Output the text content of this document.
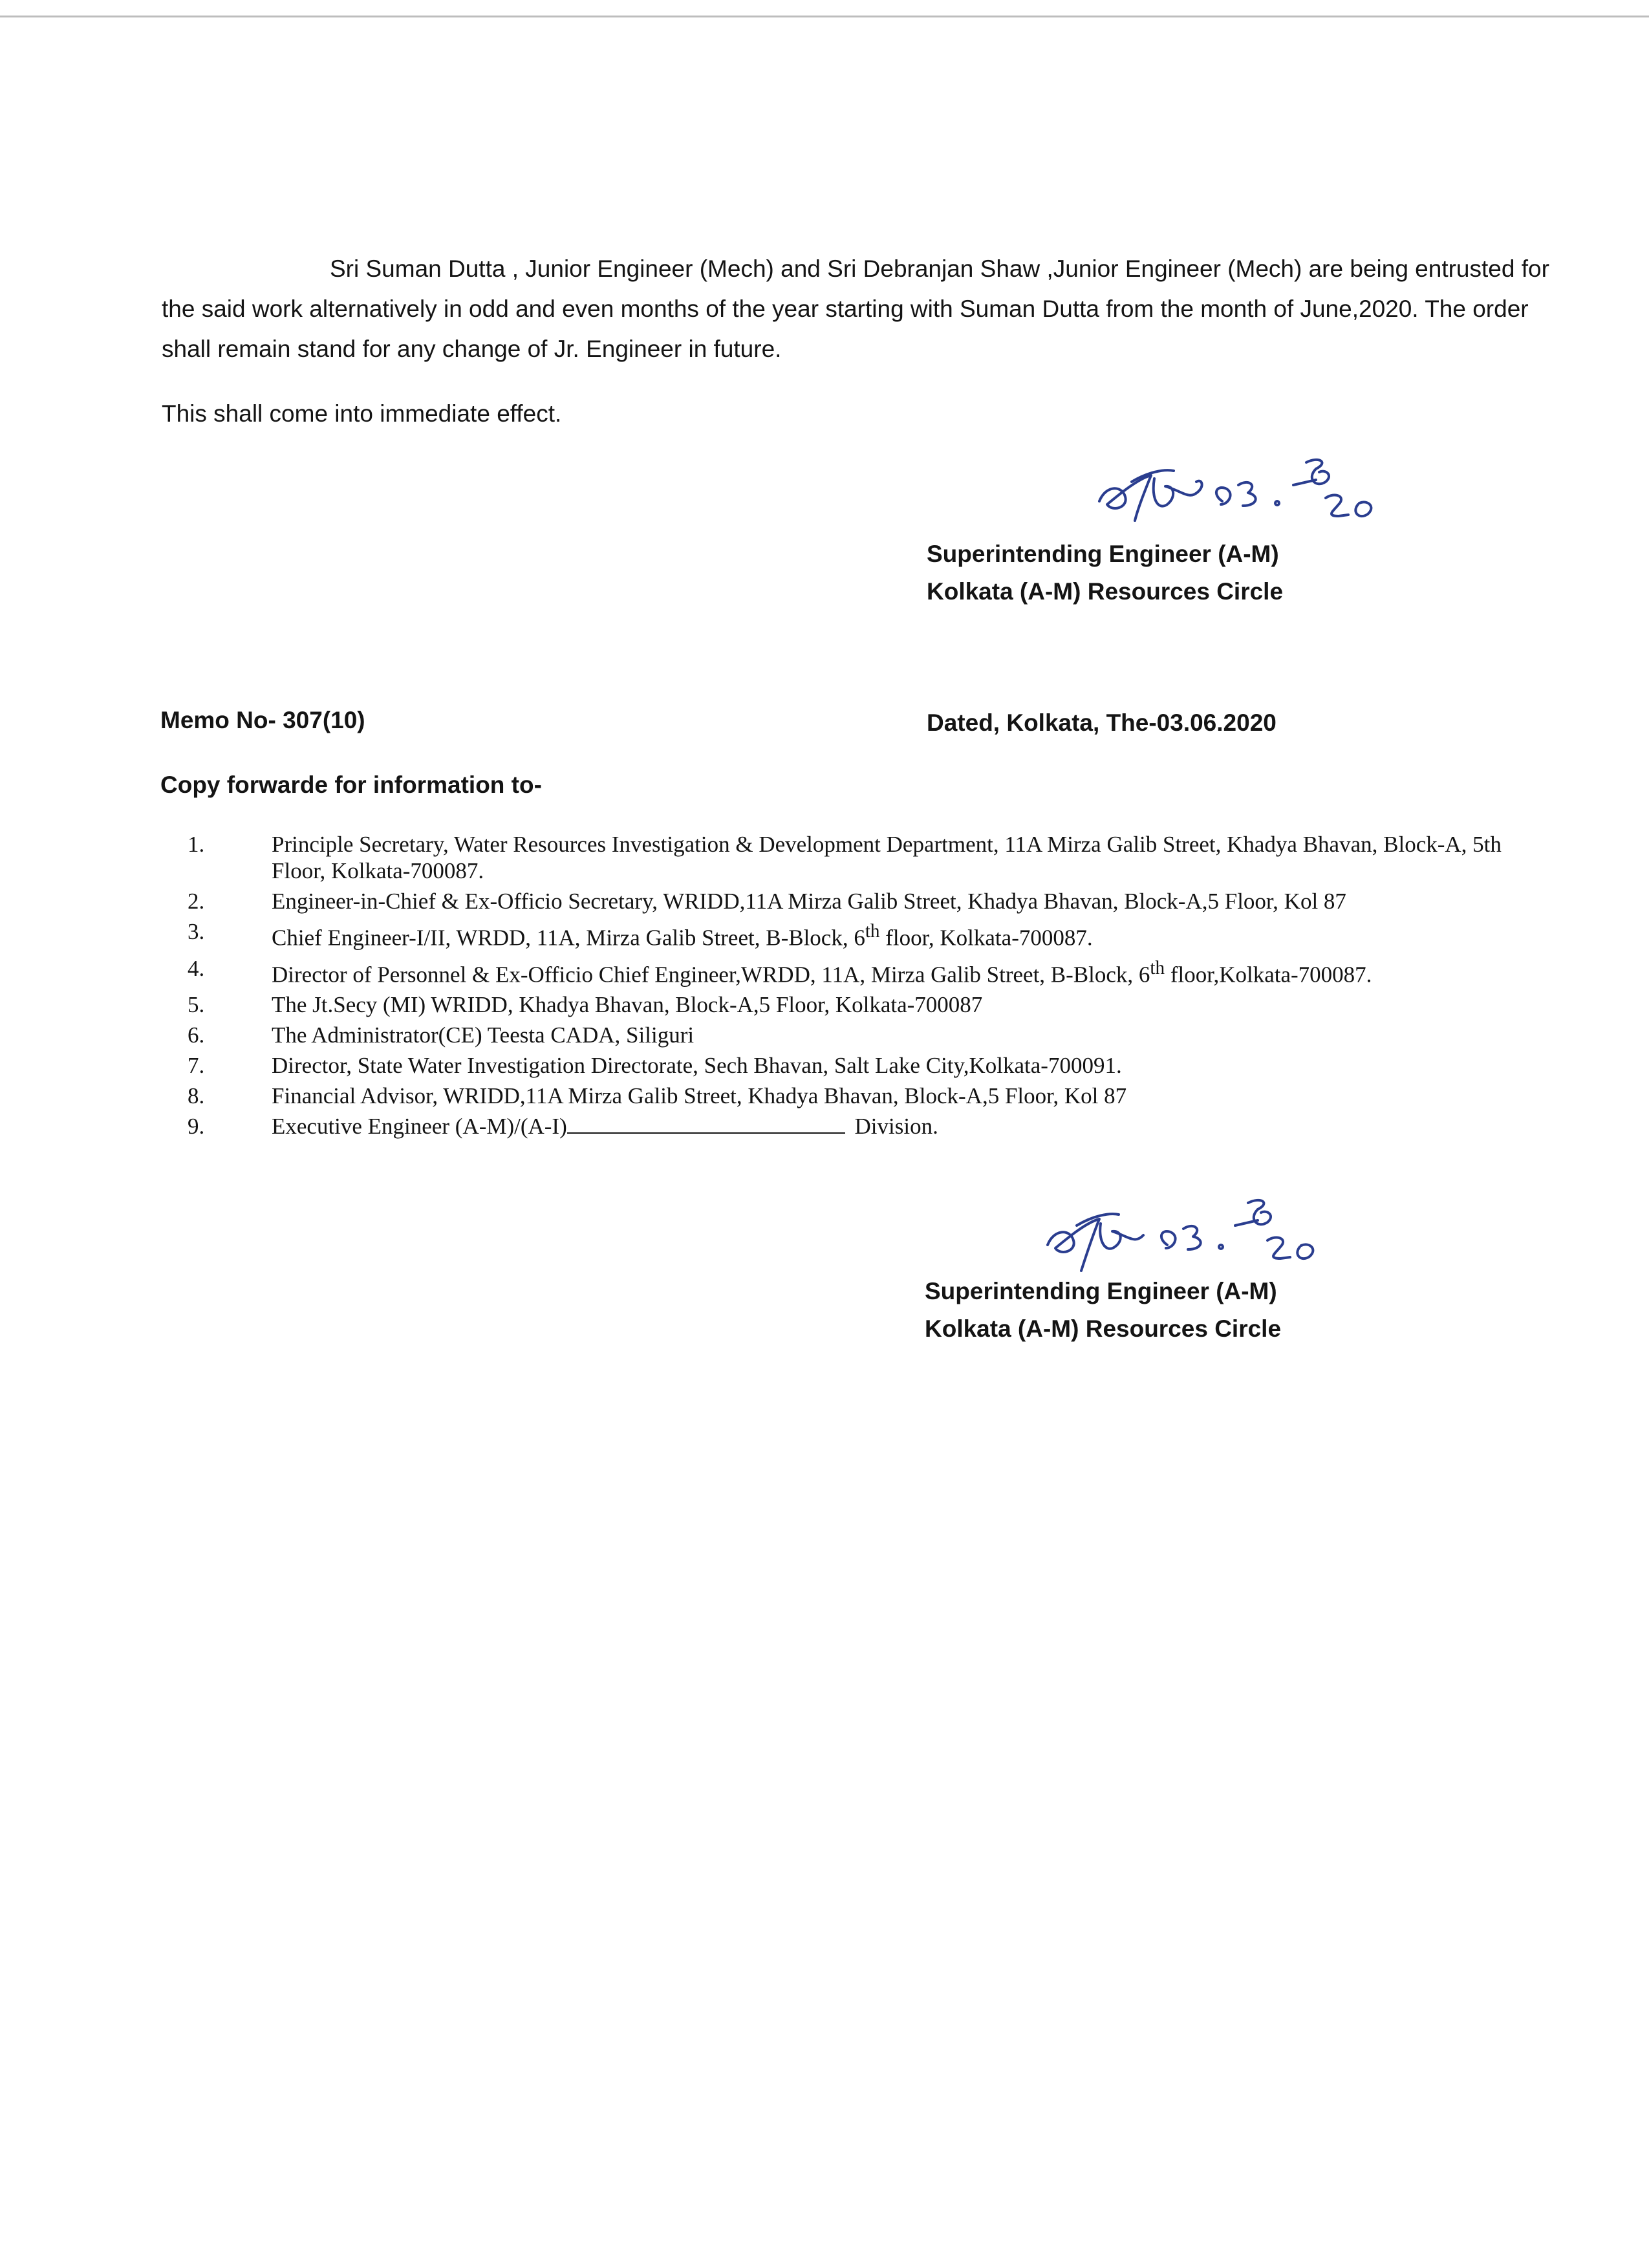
Sri Suman Dutta , Junior Engineer (Mech) and Sri Debranjan Shaw ,Junior Engineer (Mech) are being entrusted for the said work alternatively in odd and even months of the year starting with Suman Dutta from the month of June,2020. The order shall remain stand for any change of Jr. Engineer in future.

This shall come into immediate effect.

Superintending Engineer (A-M)
Kolkata (A-M) Resources Circle
Memo No- 307(10)	Dated, Kolkata, The-03.06.2020
Copy forwarde for information to-
1.	Principle Secretary, Water Resources Investigation & Development Department, 11A Mirza Galib Street, Khadya Bhavan, Block-A, 5th Floor, Kolkata-700087.
2.	Engineer-in-Chief & Ex-Officio Secretary, WRIDD,11A Mirza Galib Street, Khadya Bhavan, Block-A,5 Floor, Kol 87
3.	Chief Engineer-I/II, WRDD, 11A, Mirza Galib Street, B-Block, 6th floor, Kolkata-700087.
4.	Director of Personnel & Ex-Officio Chief Engineer,WRDD, 11A, Mirza Galib Street, B-Block, 6th floor,Kolkata-700087.
5.	The Jt.Secy (MI) WRIDD, Khadya Bhavan, Block-A,5 Floor, Kolkata-700087
6.	The Administrator(CE) Teesta CADA, Siliguri
7.	Director, State Water Investigation Directorate, Sech Bhavan, Salt Lake City,Kolkata-700091.
8.	Financial Advisor, WRIDD,11A Mirza Galib Street, Khadya Bhavan, Block-A,5 Floor, Kol 87
9.	Executive Engineer (A-M)/(A-I)	Division.
Superintending Engineer (A-M)
Kolkata (A-M) Resources Circle
